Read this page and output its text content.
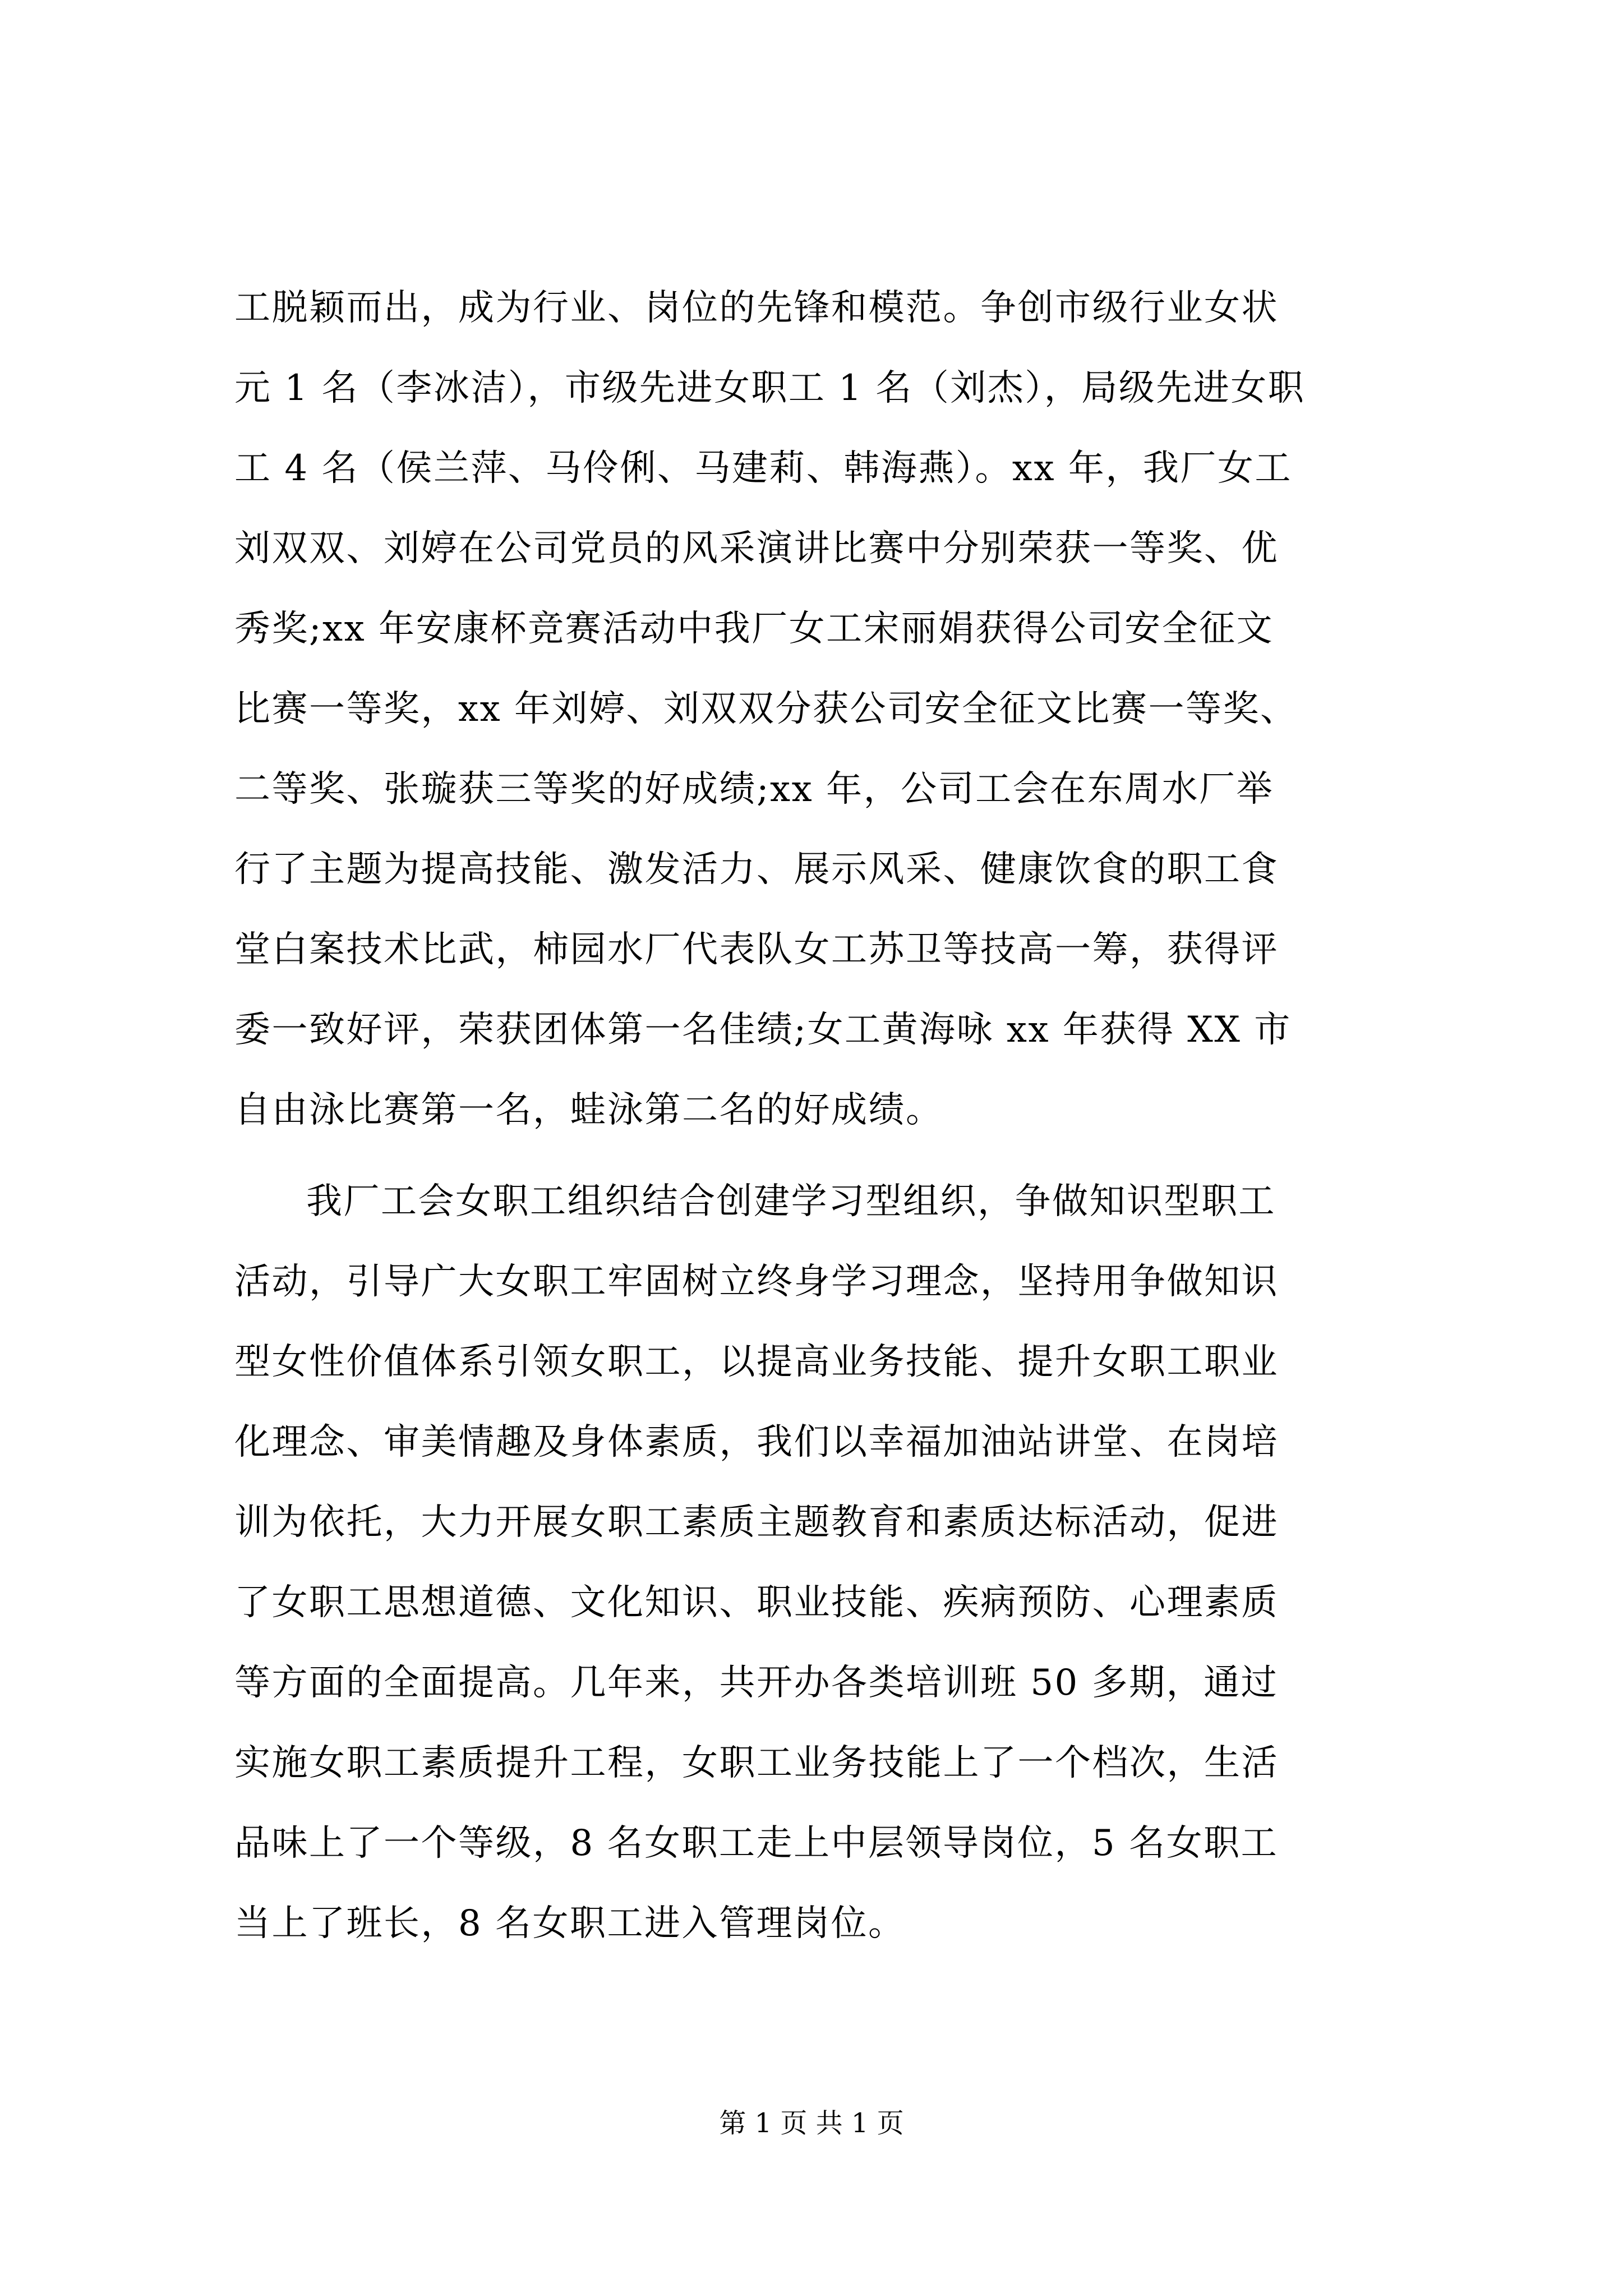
工脱颖而出，成为行业、岗位的先锋和模范。争创市级行业女状
元 1 名（李冰洁），市级先进女职工 1 名（刘杰），局级先进女职
工 4 名（侯兰萍、马伶俐、马建莉、韩海燕）。xx 年，我厂女工
刘双双、刘婷在公司党员的风采演讲比赛中分别荣获一等奖、优
秀奖;xx 年安康杯竞赛活动中我厂女工宋丽娟获得公司安全征文
比赛一等奖，xx 年刘婷、刘双双分获公司安全征文比赛一等奖、
二等奖、张璇获三等奖的好成绩;xx 年，公司工会在东周水厂举
行了主题为提高技能、激发活力、展示风采、健康饮食的职工食
堂白案技术比武，柿园水厂代表队女工苏卫等技高一筹，获得评
委一致好评，荣获团体第一名佳绩;女工黄海咏 xx 年获得 XX 市
自由泳比赛第一名，蛙泳第二名的好成绩。
我厂工会女职工组织结合创建学习型组织，争做知识型职工
活动，引导广大女职工牢固树立终身学习理念，坚持用争做知识
型女性价值体系引领女职工，以提高业务技能、提升女职工职业
化理念、审美情趣及身体素质，我们以幸福加油站讲堂、在岗培
训为依托，大力开展女职工素质主题教育和素质达标活动，促进
了女职工思想道德、文化知识、职业技能、疾病预防、心理素质
等方面的全面提高。几年来，共开办各类培训班 50 多期，通过
实施女职工素质提升工程，女职工业务技能上了一个档次，生活
品味上了一个等级，8 名女职工走上中层领导岗位，5 名女职工
当上了班长，8 名女职工进入管理岗位。
第 1 页 共 1 页
